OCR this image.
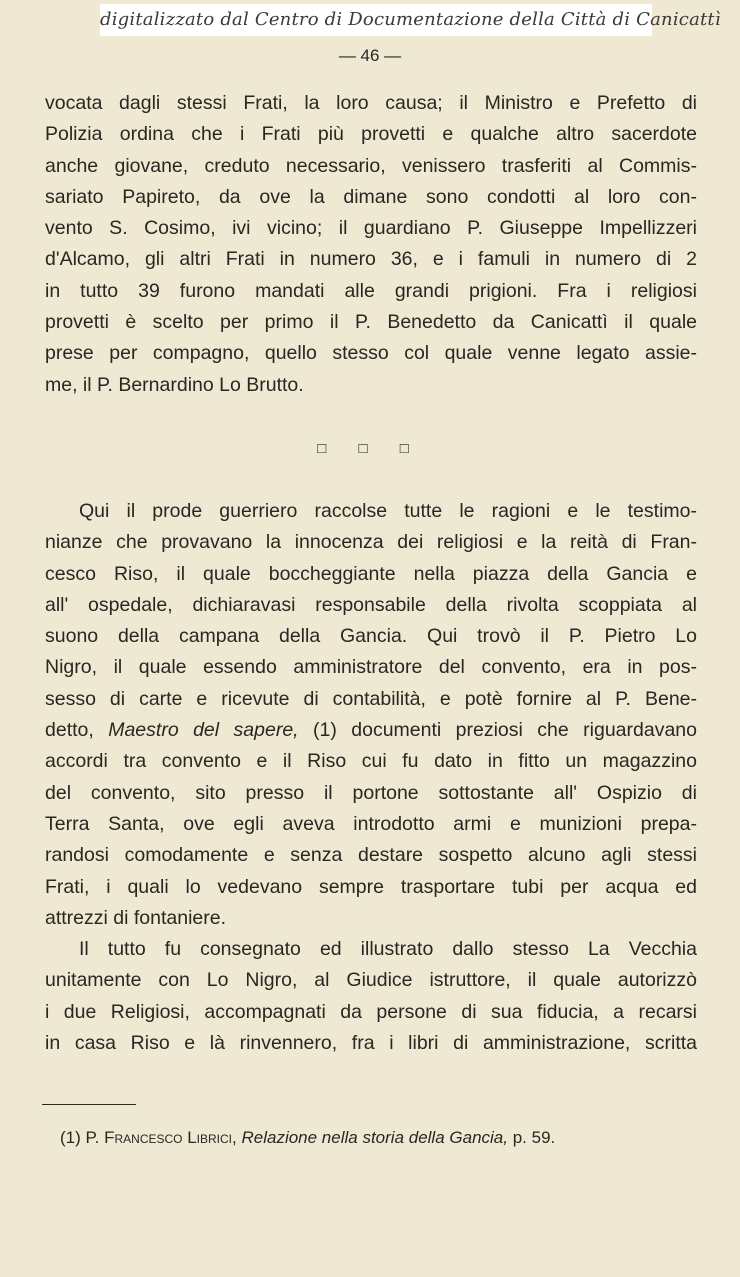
digitalizzato dal Centro di Documentazione della Città di Canicattì
— 46 —
vocata dagli stessi Frati, la loro causa; il Ministro e Prefetto di
Polizia ordina che i Frati più provetti e qualche altro sacerdote
anche giovane, creduto necessario, venissero trasferiti al Commis-
sariato Papireto, da ove la dimane sono condotti al loro con-
vento S. Cosimo, ivi vicino; il guardiano P. Giuseppe Impellizzeri
d'Alcamo, gli altri Frati in numero 36, e i famuli in numero di 2
in tutto 39 furono mandati alle grandi prigioni. Fra i religiosi
provetti è scelto per primo il P. Benedetto da Canicattì il quale
prese per compagno, quello stesso col quale venne legato assie-
me, il P. Bernardino Lo Brutto.
□ □ □
Qui il prode guerriero raccolse tutte le ragioni e le testimo-
nianze che provavano la innocenza dei religiosi e la reità di Fran-
cesco Riso, il quale boccheggiante nella piazza della Gancia e
all' ospedale, dichiaravasi responsabile della rivolta scoppiata al
suono della campana della Gancia. Qui trovò il P. Pietro Lo
Nigro, il quale essendo amministratore del convento, era in pos-
sesso di carte e ricevute di contabilità, e potè fornire al P. Bene-
detto, Maestro del sapere, (1) documenti preziosi che riguardavano
accordi tra convento e il Riso cui fu dato in fitto un magazzino
del convento, sito presso il portone sottostante all' Ospizio di
Terra Santa, ove egli aveva introdotto armi e munizioni prepa-
randosi comodamente e senza destare sospetto alcuno agli stessi
Frati, i quali lo vedevano sempre trasportare tubi per acqua ed
attrezzi di fontaniere.
Il tutto fu consegnato ed illustrato dallo stesso La Vecchia
unitamente con Lo Nigro, al Giudice istruttore, il quale autorizzò
i due Religiosi, accompagnati da persone di sua fiducia, a recarsi
in casa Riso e là rinvennero, fra i libri di amministrazione, scritta
(1) P. Francesco Librici, Relazione nella storia della Gancia, p. 59.
